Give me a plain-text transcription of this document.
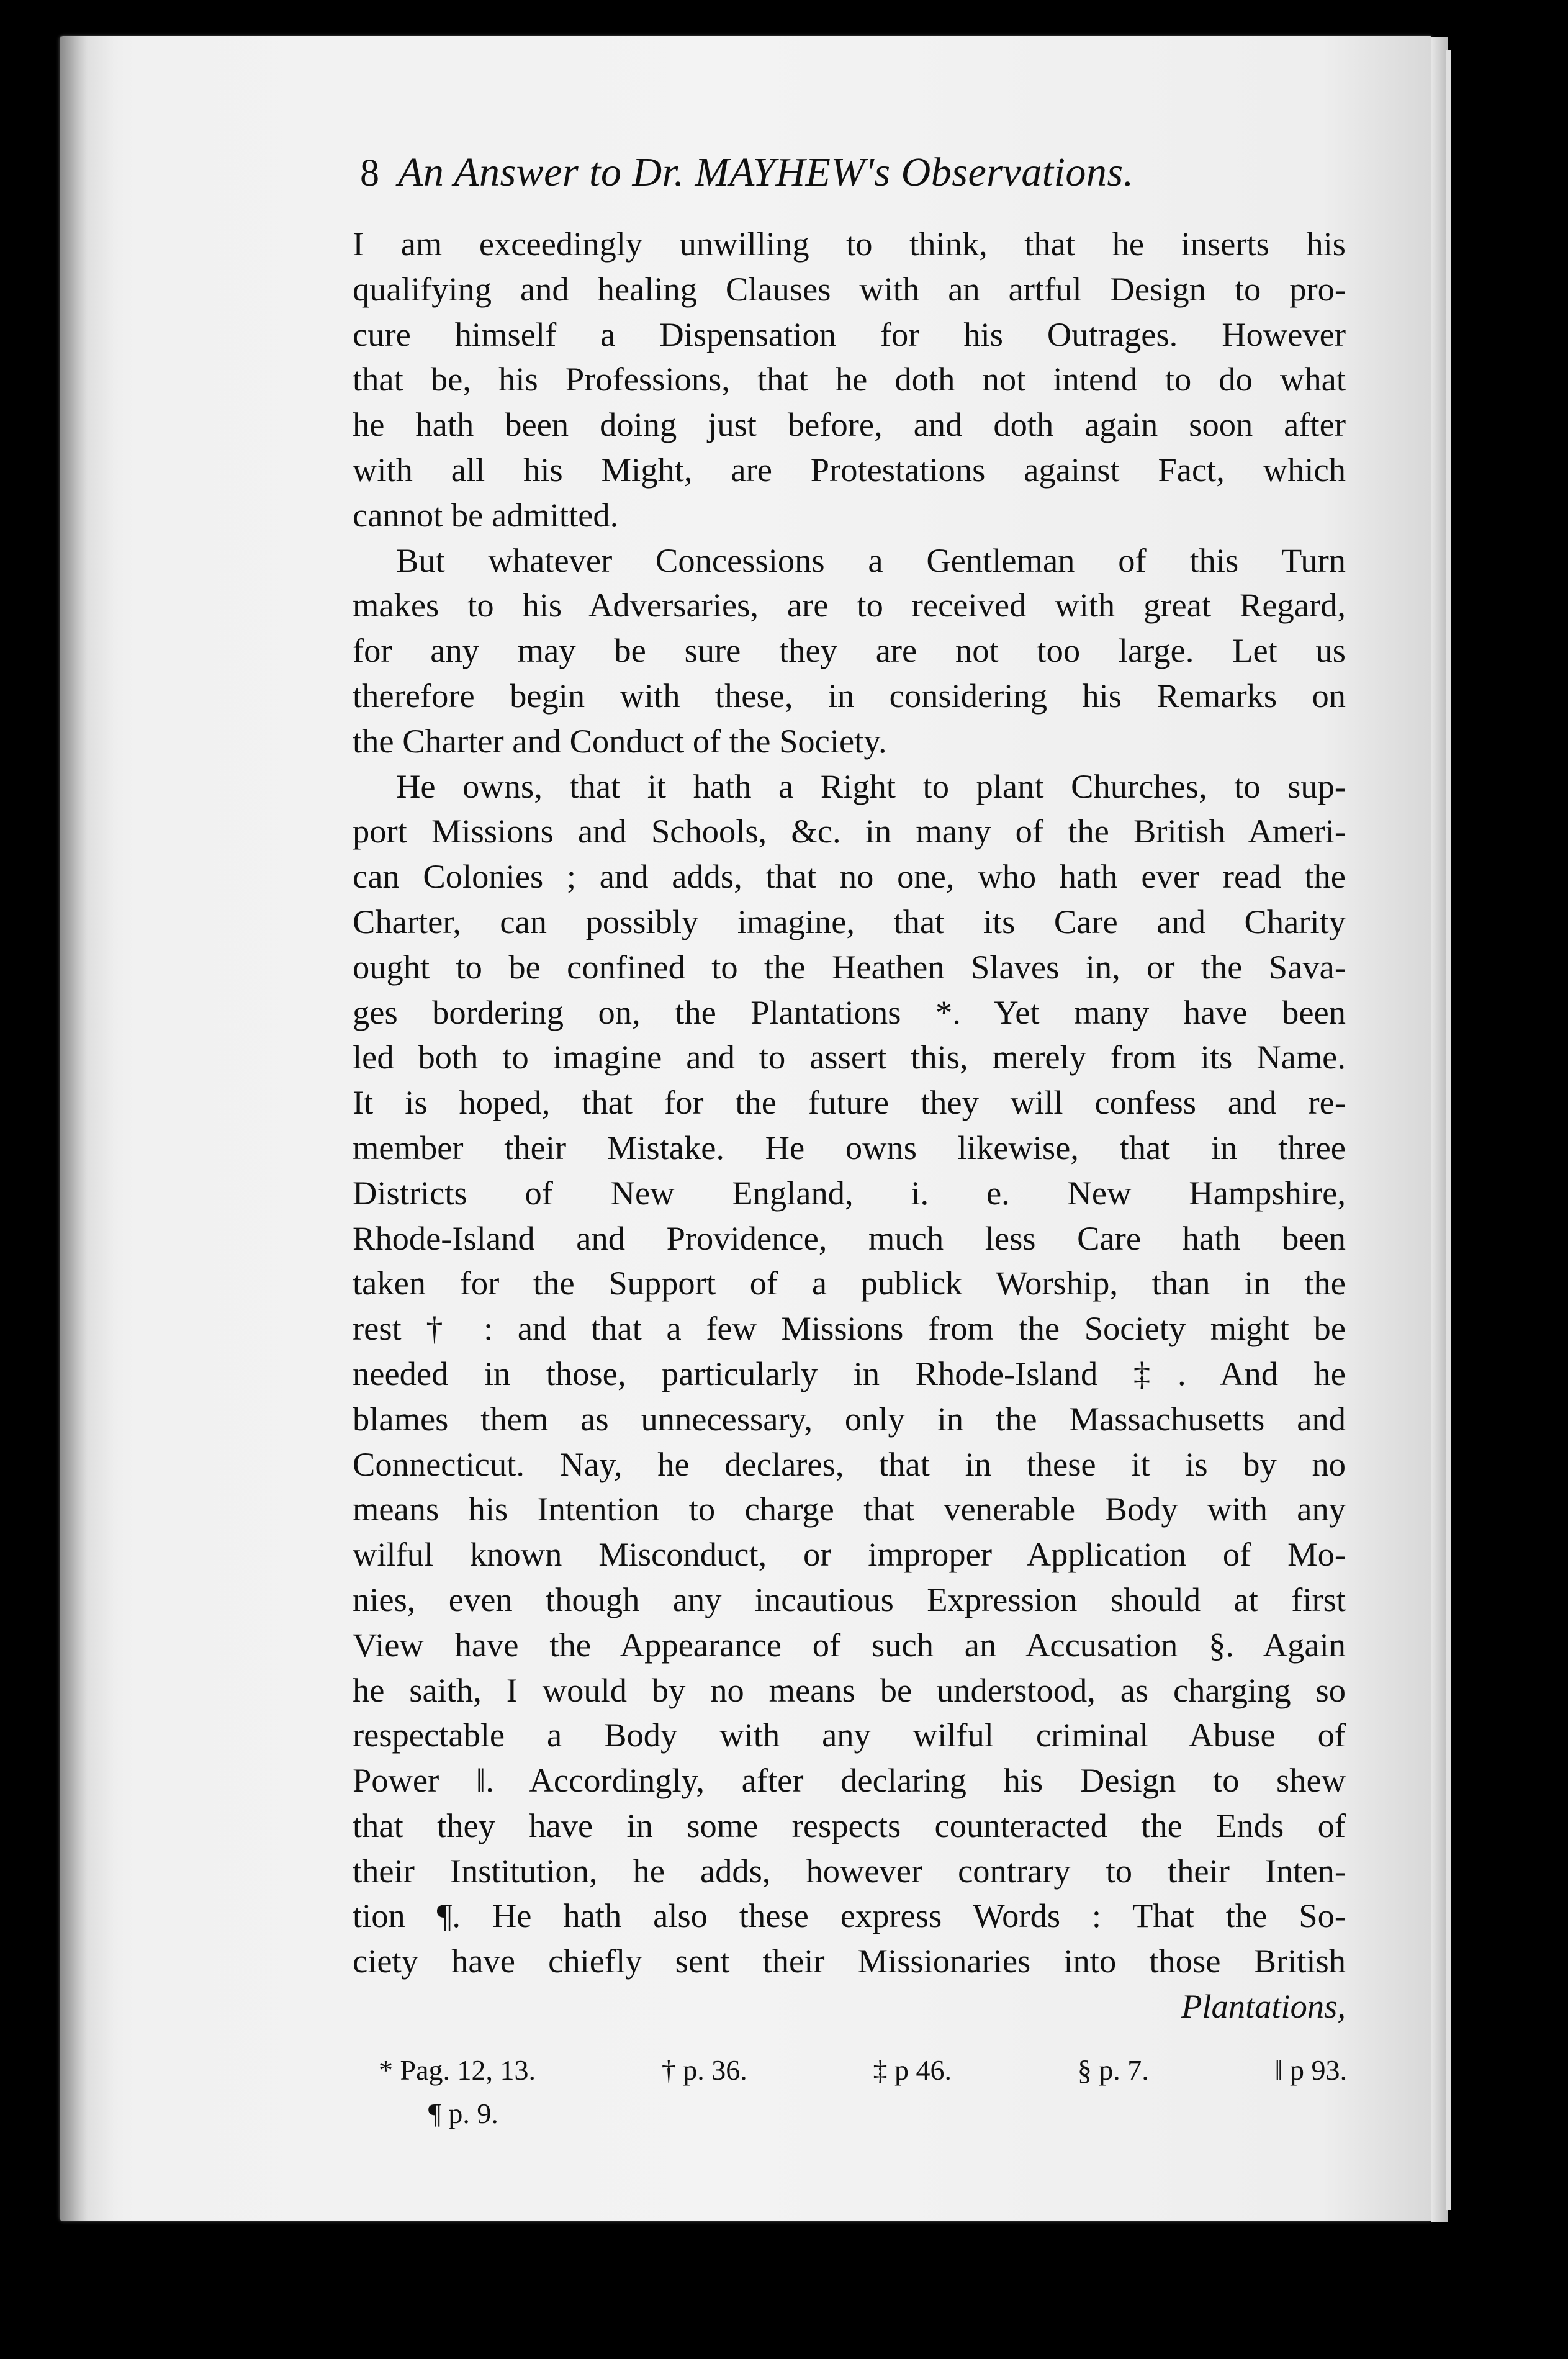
8 An Answer to Dr. MAYHEW's Observations.
I am exceedingly unwilling to think, that he inserts his
qualifying and healing Clauses with an artful Design to pro-
cure himself a Dispensation for his Outrages. However
that be, his Professions, that he doth not intend to do what
he hath been doing just before, and doth again soon after
with all his Might, are Protestations against Fact, which
cannot be admitted.
But whatever Concessions a Gentleman of this Turn
makes to his Adversaries, are to received with great Regard,
for any may be sure they are not too large. Let us
therefore begin with these, in considering his Remarks on
the Charter and Conduct of the Society.
He owns, that it hath a Right to plant Churches, to sup-
port Missions and Schools, &c. in many of the British Ameri-
can Colonies ; and adds, that no one, who hath ever read the
Charter, can possibly imagine, that its Care and Charity
ought to be confined to the Heathen Slaves in, or the Sava-
ges bordering on, the Plantations *. Yet many have been
led both to imagine and to assert this, merely from its Name.
It is hoped, that for the future they will confess and re-
member their Mistake. He owns likewise, that in three
Districts of New England, i. e. New Hampshire,
Rhode-Island and Providence, much less Care hath been
taken for the Support of a publick Worship, than in the
rest † : and that a few Missions from the Society might be
needed in those, particularly in Rhode-Island ‡. And he
blames them as unnecessary, only in the Massachusetts and
Connecticut. Nay, he declares, that in these it is by no
means his Intention to charge that venerable Body with any
wilful known Misconduct, or improper Application of Mo-
nies, even though any incautious Expression should at first
View have the Appearance of such an Accusation §. Again
he saith, I would by no means be understood, as charging so
respectable a Body with any wilful criminal Abuse of
Power ‖. Accordingly, after declaring his Design to shew
that they have in some respects counteracted the Ends of
their Institution, he adds, however contrary to their Inten-
tion ¶. He hath also these express Words : That the So-
ciety have chiefly sent their Missionaries into those British
Plantations,
* Pag. 12, 13.	† p. 36.	‡ p 46.	§ p. 7.	‖ p 93.
¶ p. 9.
